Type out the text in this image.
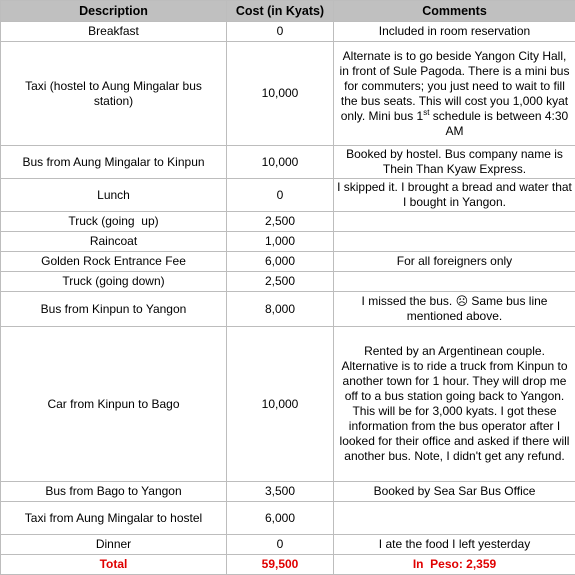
Description	Cost (in Kyats)	Comments
Breakfast	0	Included in room reservation
Taxi (hostel to Aung Mingalar bus station)	10,000	Alternate is to go beside Yangon City Hall, in front of Sule Pagoda. There is a mini bus for commuters; you just need to wait to fill the bus seats. This will cost you 1,000 kyat only. Mini bus 1st schedule is between 4:30 AM
Bus from Aung Mingalar to Kinpun	10,000	Booked by hostel. Bus company name is Thein Than Kyaw Express.
Lunch	0	I skipped it. I brought a bread and water that I bought in Yangon.
Truck (going  up)	2,500	
Raincoat	1,000	
Golden Rock Entrance Fee	6,000	For all foreigners only
Truck (going down)	2,500	
Bus from Kinpun to Yangon	8,000	I missed the bus. ☹ Same bus line mentioned above.
Car from Kinpun to Bago	10,000	Rented by an Argentinean couple. Alternative is to ride a truck from Kinpun to another town for 1 hour. They will drop me off to a bus station going back to Yangon. This will be for 3,000 kyats. I got these information from the bus operator after I looked for their office and asked if there will another bus. Note, I didn't get any refund.
Bus from Bago to Yangon	3,500	Booked by Sea Sar Bus Office
Taxi from Aung Mingalar to hostel	6,000	
Dinner	0	I ate the food I left yesterday
Total	59,500	In  Peso: 2,359
